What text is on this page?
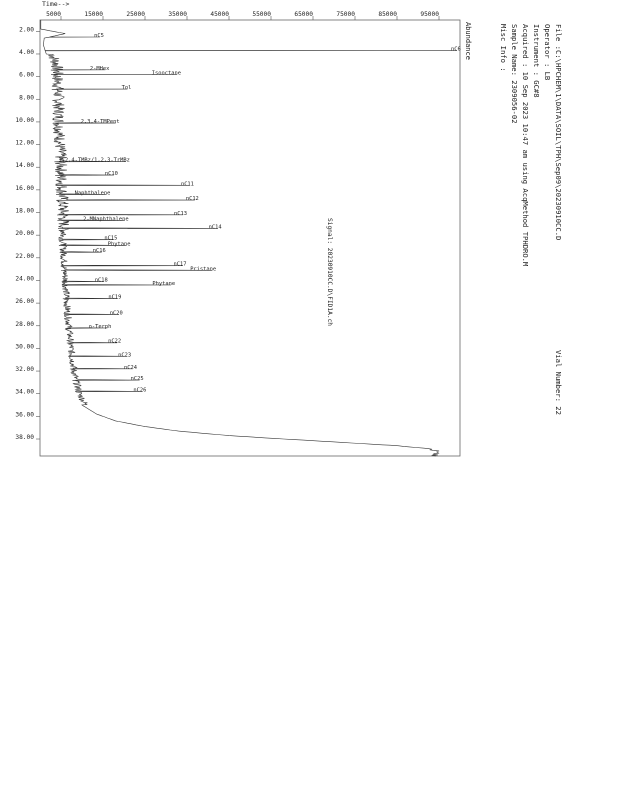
File :C:\HPCHEM\1\DATA\SOIL\TPH\Sep09\20230910CC.D
Operator : LB
Instrument : GC#8
Acquired : 10 Sep 2023 10:47 am using AcqMethod TPHDRO.M
Sample Name: 2309056-02
Misc Info :
Vial Number: 22
Abundance
Time-->
Signal: 20230910CC.D\FID1A.ch
5000	15000	25000	35000	45000	55000	65000	75000	85000	95000
2.00
4.00
6.00
8.00
10.00
12.00
14.00
16.00
18.00
20.00
22.00
24.00
26.00
28.00
30.00
32.00
34.00
36.00
38.00
nC5
nC6
2-MHex
Isooctane
Tol
2,3,4-TMPent
1,2,4-TMBz/1,2,3-TrMBz
nC10
nC11
Naphthalene
nC12
nC13
2-MNaphthalene
nC14
nC15
Phytane
nC16
nC17
Pristane
nC18
Phytane
nC19
nC20
o-Terph
nC22
nC23
nC24
nC25
nC26
